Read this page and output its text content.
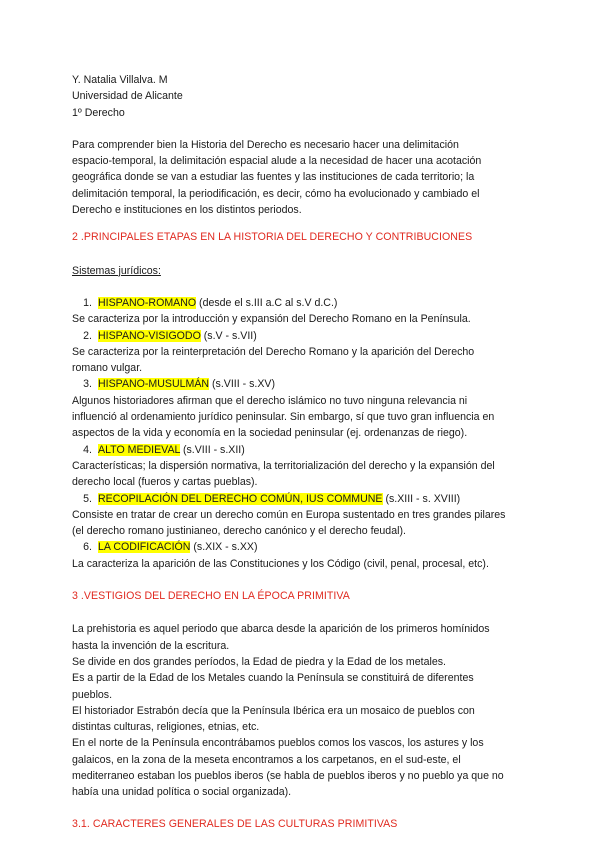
Y. Natalia Villalva. M
Universidad de Alicante
1º Derecho

Para comprender bien la Historia del Derecho es necesario hacer una delimitación
espacio-temporal, la delimitación espacial alude a la necesidad de hacer una acotación
geográfica donde se van a estudiar las fuentes y las instituciones de cada territorio; la
delimitación temporal, la periodificación, es decir, cómo ha evolucionado y cambiado el
Derecho e instituciones en los distintos periodos.

2 .PRINCIPALES ETAPAS EN LA HISTORIA DEL DERECHO Y CONTRIBUCIONES

Sistemas jurídicos:

1. HISPANO-ROMANO (desde el s.III a.C al s.V d.C.)
Se caracteriza por la introducción y expansión del Derecho Romano en la Península.
2. HISPANO-VISIGODO (s.V - s.VII)
Se caracteriza por la reinterpretación del Derecho Romano y la aparición del Derecho
romano vulgar.
3. HISPANO-MUSULMÁN (s.VIII - s.XV)
Algunos historiadores afirman que el derecho islámico no tuvo ninguna relevancia ni
influenció al ordenamiento jurídico peninsular. Sin embargo, sí que tuvo gran influencia en
aspectos de la vida y economía en la sociedad peninsular (ej. ordenanzas de riego).
4. ALTO MEDIEVAL (s.VIII - s.XII)
Características; la dispersión normativa, la territorialización del derecho y la expansión del
derecho local (fueros y cartas pueblas).
5. RECOPILACIÓN DEL DERECHO COMÚN, IUS COMMUNE (s.XIII - s. XVIII)
Consiste en tratar de crear un derecho común en Europa sustentado en tres grandes pilares
(el derecho romano justinianeo, derecho canónico y el derecho feudal).
6. LA CODIFICACIÓN (s.XIX - s.XX)
La caracteriza la aparición de las Constituciones y los Código (civil, penal, procesal, etc).

3 .VESTIGIOS DEL DERECHO EN LA ÉPOCA PRIMITIVA

La prehistoria es aquel periodo que abarca desde la aparición de los primeros homínidos
hasta la invención de la escritura.
Se divide en dos grandes períodos, la Edad de piedra y la Edad de los metales.
Es a partir de la Edad de los Metales cuando la Península se constituirá de diferentes
pueblos.
El historiador Estrabón decía que la Península Ibérica era un mosaico de pueblos con
distintas culturas, religiones, etnias, etc.
En el norte de la Península encontrábamos pueblos comos los vascos, los astures y los
galaicos, en la zona de la meseta encontramos a los carpetanos, en el sud-este, el
mediterraneo estaban los pueblos iberos (se habla de pueblos iberos y no pueblo ya que no
había una unidad política o social organizada).

3.1. CARACTERES GENERALES DE LAS CULTURAS PRIMITIVAS
